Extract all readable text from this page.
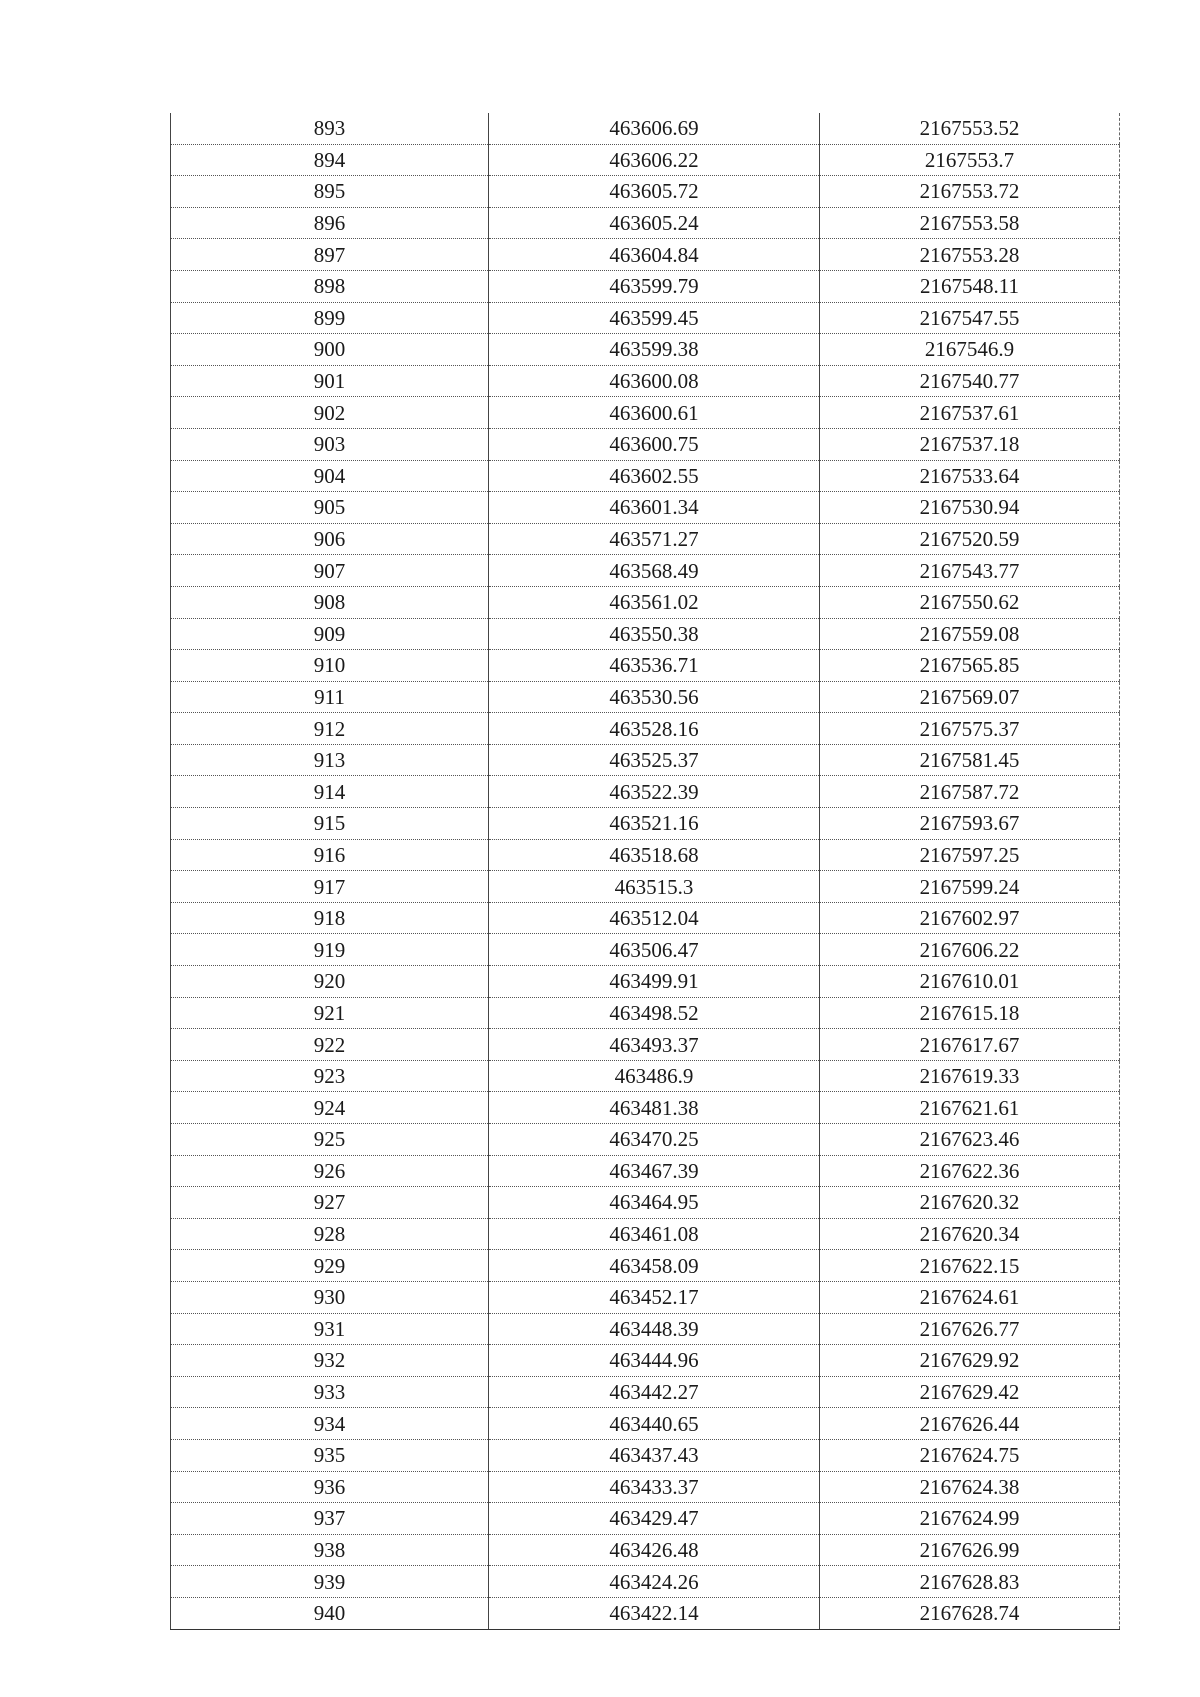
893	463606.69	2167553.52
894	463606.22	2167553.7
895	463605.72	2167553.72
896	463605.24	2167553.58
897	463604.84	2167553.28
898	463599.79	2167548.11
899	463599.45	2167547.55
900	463599.38	2167546.9
901	463600.08	2167540.77
902	463600.61	2167537.61
903	463600.75	2167537.18
904	463602.55	2167533.64
905	463601.34	2167530.94
906	463571.27	2167520.59
907	463568.49	2167543.77
908	463561.02	2167550.62
909	463550.38	2167559.08
910	463536.71	2167565.85
911	463530.56	2167569.07
912	463528.16	2167575.37
913	463525.37	2167581.45
914	463522.39	2167587.72
915	463521.16	2167593.67
916	463518.68	2167597.25
917	463515.3	2167599.24
918	463512.04	2167602.97
919	463506.47	2167606.22
920	463499.91	2167610.01
921	463498.52	2167615.18
922	463493.37	2167617.67
923	463486.9	2167619.33
924	463481.38	2167621.61
925	463470.25	2167623.46
926	463467.39	2167622.36
927	463464.95	2167620.32
928	463461.08	2167620.34
929	463458.09	2167622.15
930	463452.17	2167624.61
931	463448.39	2167626.77
932	463444.96	2167629.92
933	463442.27	2167629.42
934	463440.65	2167626.44
935	463437.43	2167624.75
936	463433.37	2167624.38
937	463429.47	2167624.99
938	463426.48	2167626.99
939	463424.26	2167628.83
940	463422.14	2167628.74
